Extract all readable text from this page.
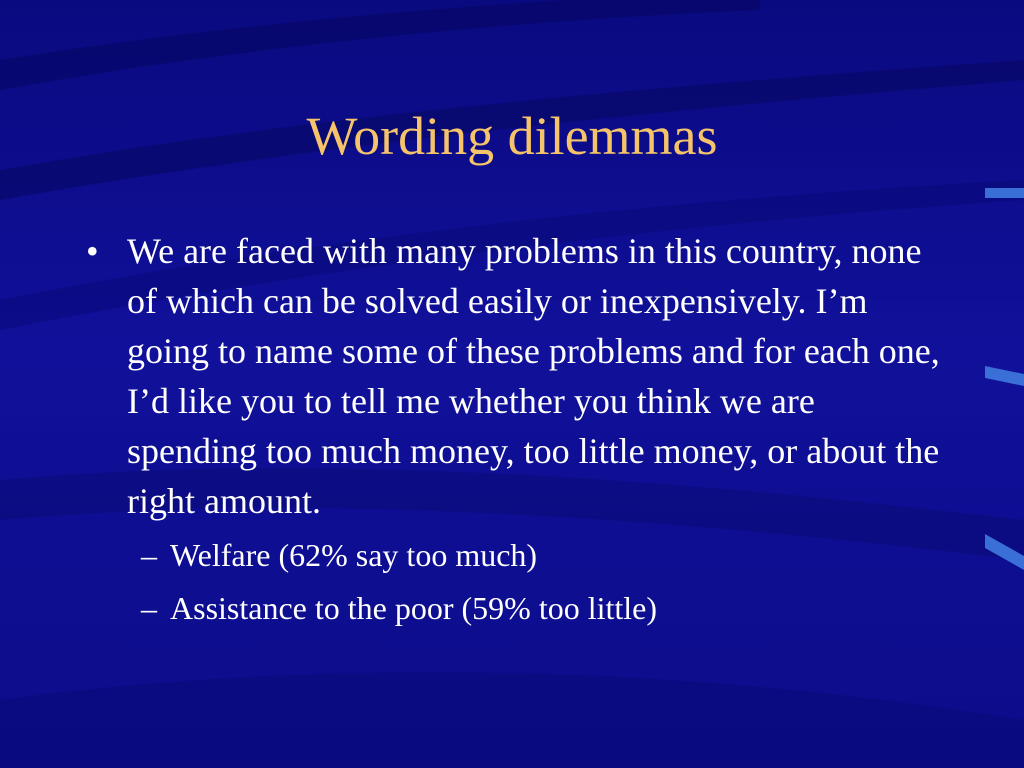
Wording dilemmas
• We are faced with many problems in this country, none of which can be solved easily or inexpensively. I’m going to name some of these problems and for each one, I’d like you to tell me whether you think we are spending too much money, too little money, or about the right amount.
– Welfare (62% say too much)
– Assistance to the poor (59% too little)
